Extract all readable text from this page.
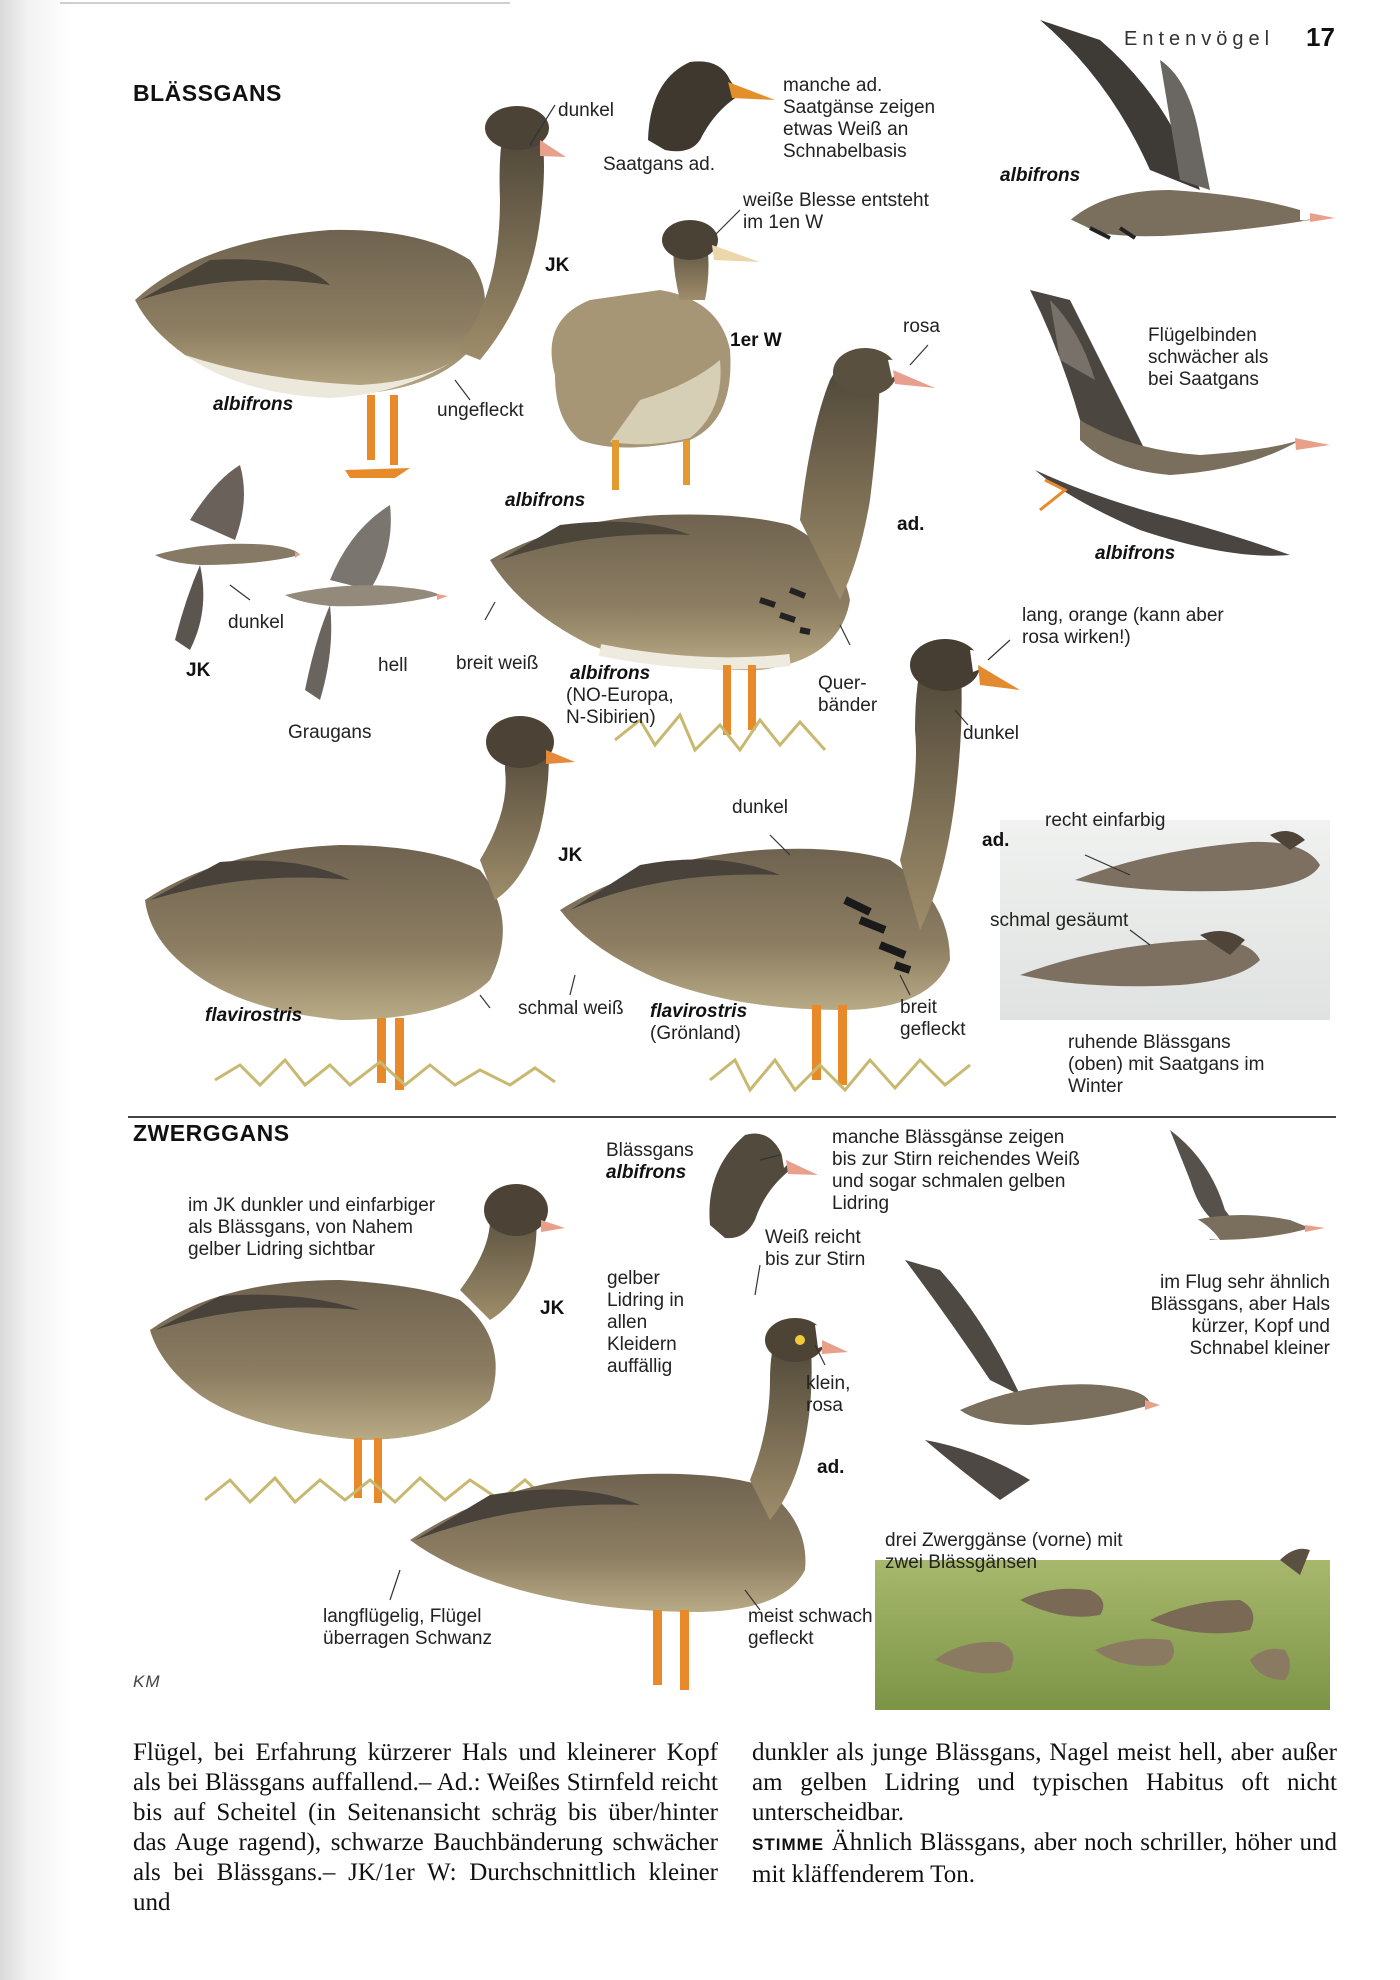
Entenvögel 17
BLÄSSGANS
ZWERGGANS
dunkel
Saatgans ad.
manche ad. Saatgänse zeigen etwas Weiß an Schnabelbasis
albifrons
JK
weiße Blesse entsteht im 1en W
1er W
rosa	Flügelbinden schwächer als bei Saatgans
albifrons	ungefleckt
albifrons
ad.
albifrons
lang, orange (kann aber rosa wirken!)
dunkel
JK	hell	breit weiß albifrons
(NO-Europa, N-Sibirien)
Quer- bänder
dunkel
Graugans
dunkel
JK
ad.
recht einfarbig
schmal gesäumt
flavirostris	schmal weiß flavirostris
(Grönland)
breit gefleckt
ruhende Blässgans (oben) mit Saatgans im Winter
Blässgans
albifrons
manche Blässgänse zeigen bis zur Stirn reichendes Weiß und sogar schmalen gelben Lidring
im JK dunkler und einfarbiger als Blässgans, von Nahem gelber Lidring sichtbar
Weiß reicht bis zur Stirn
im Flug sehr ähnlich Blässgans, aber Hals kürzer, Kopf und Schnabel kleiner
gelber Lidring in allen Kleidern auffällig
JK
klein, rosa
ad.
drei Zwerggänse (vorne) mit zwei Blässgänsen
langflügelig, Flügel überragen Schwanz
meist schwach gefleckt
KM
Flügel, bei Erfahrung kürzerer Hals und kleinerer Kopf als bei Blässgans auffallend.– Ad.: Weißes Stirnfeld reicht bis auf Scheitel (in Seitenansicht schräg bis über/hinter das Auge ragend), schwarze Bauchbänderung schwächer als bei Blässgans.– JK/1er W: Durchschnittlich kleiner und
dunkler als junge Blässgans, Nagel meist hell, aber außer am gelben Lidring und typischen Habitus oft nicht unterscheidbar.
STIMME Ähnlich Blässgans, aber noch schriller, höher und mit kläffenderem Ton.
